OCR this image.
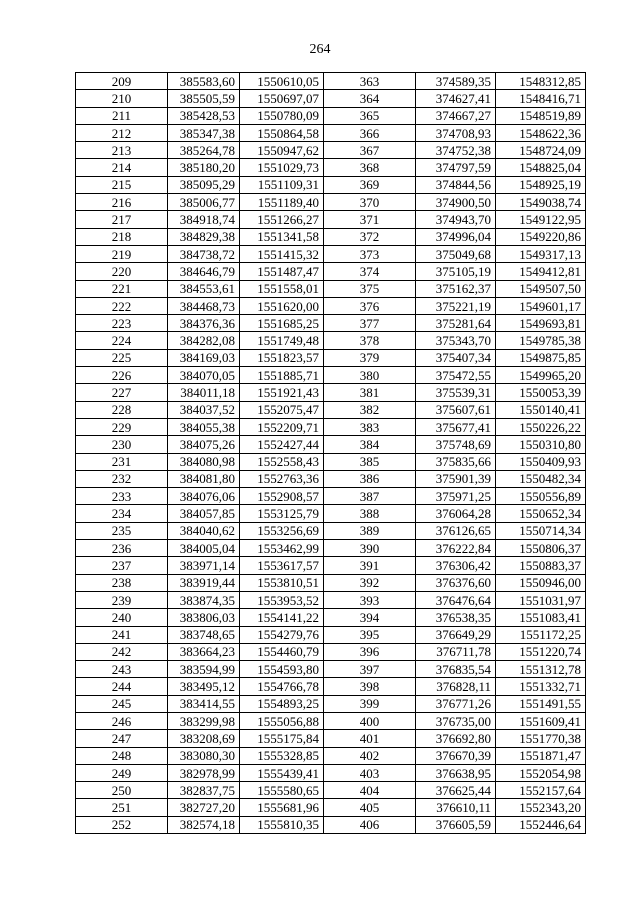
264
209	385583,60	1550610,05	363	374589,35	1548312,85
210	385505,59	1550697,07	364	374627,41	1548416,71
211	385428,53	1550780,09	365	374667,27	1548519,89
212	385347,38	1550864,58	366	374708,93	1548622,36
213	385264,78	1550947,62	367	374752,38	1548724,09
214	385180,20	1551029,73	368	374797,59	1548825,04
215	385095,29	1551109,31	369	374844,56	1548925,19
216	385006,77	1551189,40	370	374900,50	1549038,74
217	384918,74	1551266,27	371	374943,70	1549122,95
218	384829,38	1551341,58	372	374996,04	1549220,86
219	384738,72	1551415,32	373	375049,68	1549317,13
220	384646,79	1551487,47	374	375105,19	1549412,81
221	384553,61	1551558,01	375	375162,37	1549507,50
222	384468,73	1551620,00	376	375221,19	1549601,17
223	384376,36	1551685,25	377	375281,64	1549693,81
224	384282,08	1551749,48	378	375343,70	1549785,38
225	384169,03	1551823,57	379	375407,34	1549875,85
226	384070,05	1551885,71	380	375472,55	1549965,20
227	384011,18	1551921,43	381	375539,31	1550053,39
228	384037,52	1552075,47	382	375607,61	1550140,41
229	384055,38	1552209,71	383	375677,41	1550226,22
230	384075,26	1552427,44	384	375748,69	1550310,80
231	384080,98	1552558,43	385	375835,66	1550409,93
232	384081,80	1552763,36	386	375901,39	1550482,34
233	384076,06	1552908,57	387	375971,25	1550556,89
234	384057,85	1553125,79	388	376064,28	1550652,34
235	384040,62	1553256,69	389	376126,65	1550714,34
236	384005,04	1553462,99	390	376222,84	1550806,37
237	383971,14	1553617,57	391	376306,42	1550883,37
238	383919,44	1553810,51	392	376376,60	1550946,00
239	383874,35	1553953,52	393	376476,64	1551031,97
240	383806,03	1554141,22	394	376538,35	1551083,41
241	383748,65	1554279,76	395	376649,29	1551172,25
242	383664,23	1554460,79	396	376711,78	1551220,74
243	383594,99	1554593,80	397	376835,54	1551312,78
244	383495,12	1554766,78	398	376828,11	1551332,71
245	383414,55	1554893,25	399	376771,26	1551491,55
246	383299,98	1555056,88	400	376735,00	1551609,41
247	383208,69	1555175,84	401	376692,80	1551770,38
248	383080,30	1555328,85	402	376670,39	1551871,47
249	382978,99	1555439,41	403	376638,95	1552054,98
250	382837,75	1555580,65	404	376625,44	1552157,64
251	382727,20	1555681,96	405	376610,11	1552343,20
252	382574,18	1555810,35	406	376605,59	1552446,64
